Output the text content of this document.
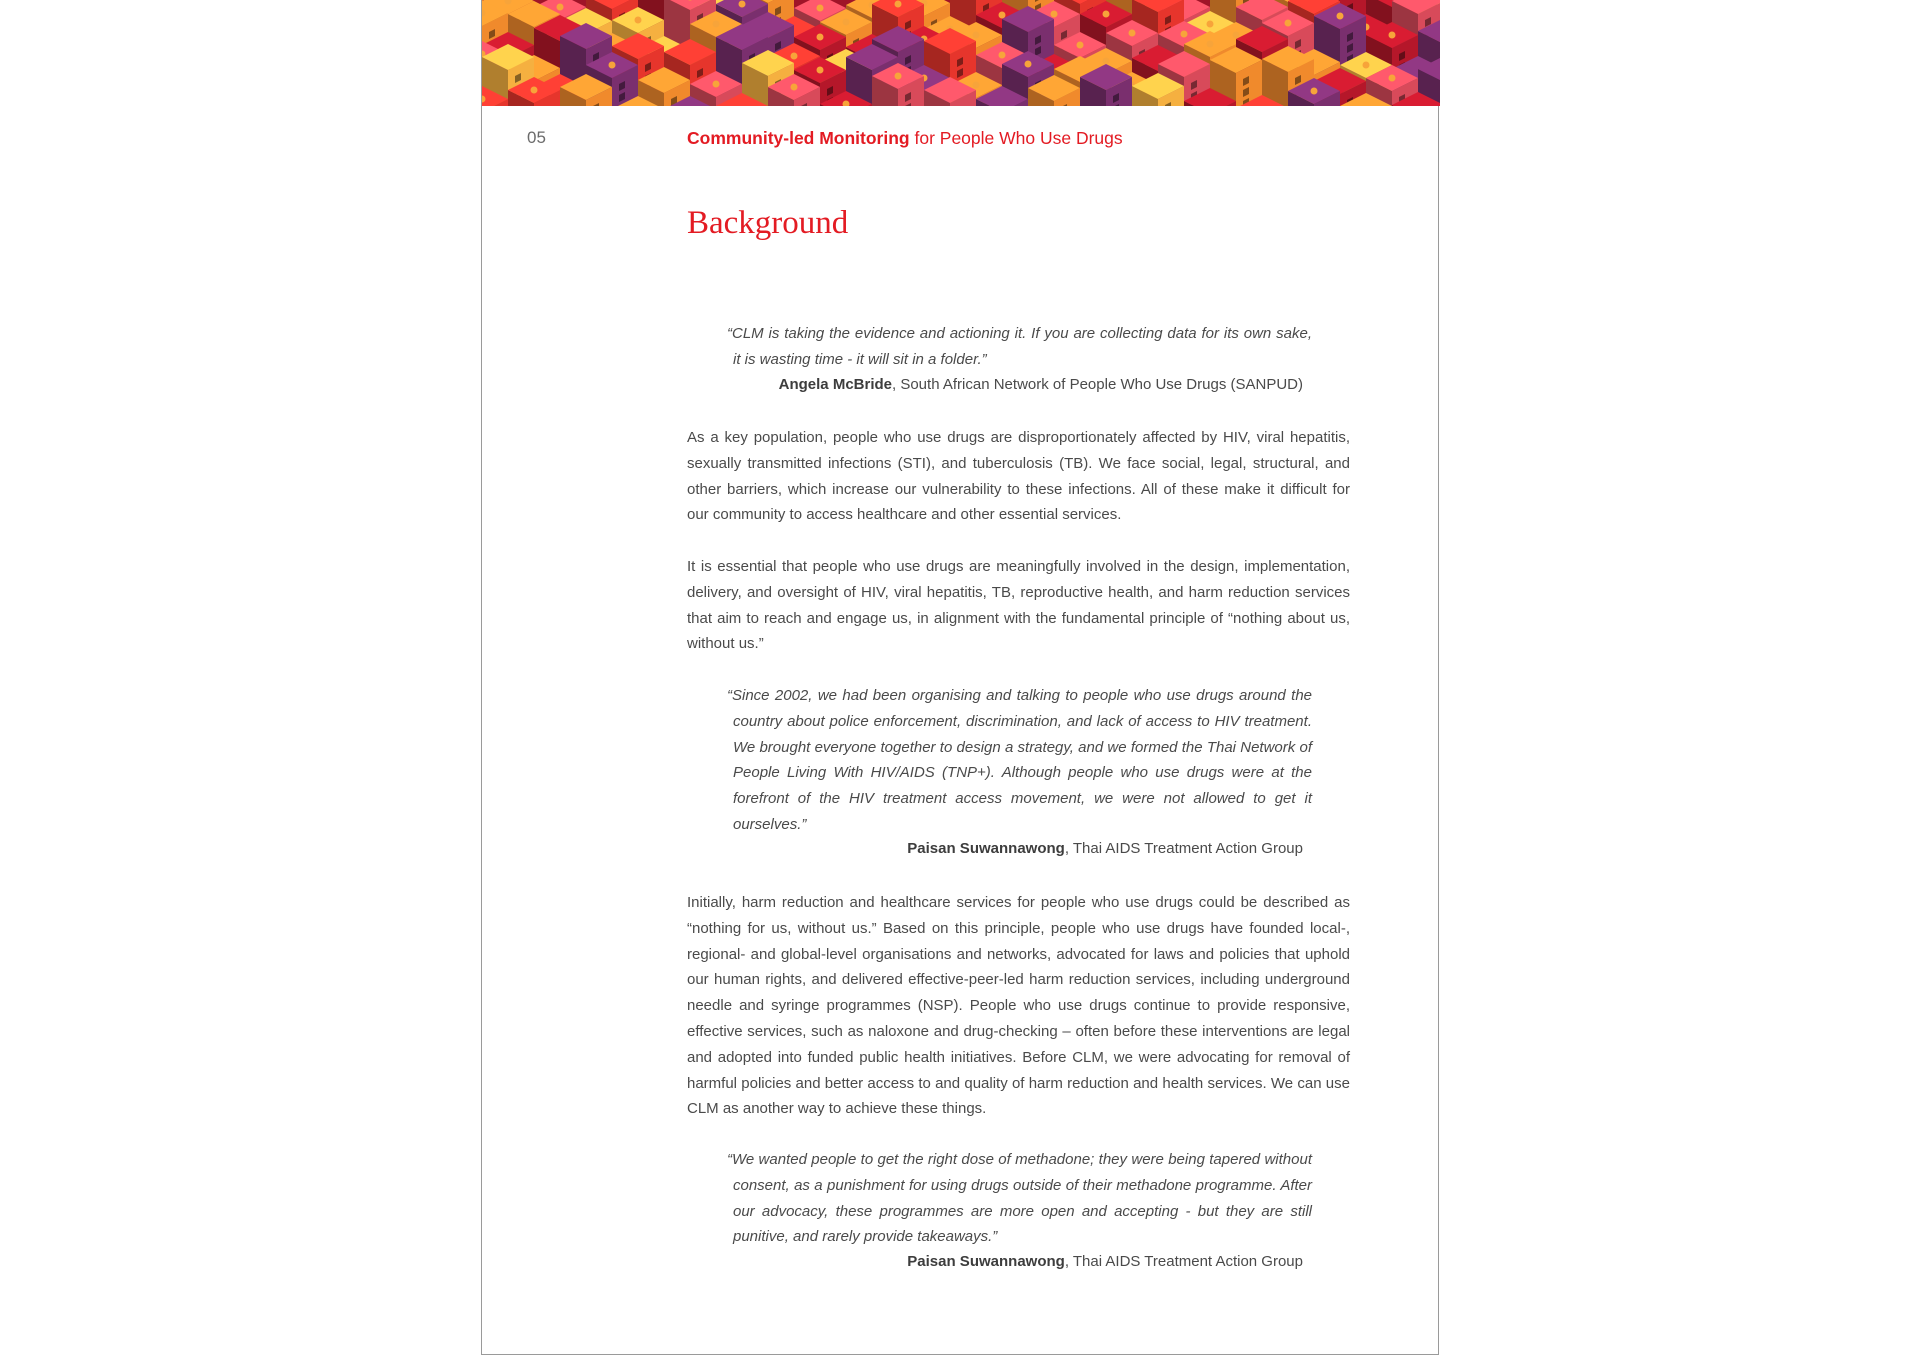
05	Community-led Monitoring for People Who Use Drugs
Background
“CLM is taking the evidence and actioning it. If you are collecting data for its own sake, it is wasting time - it will sit in a folder.”
Angela McBride, South African Network of People Who Use Drugs (SANPUD)
As a key population, people who use drugs are disproportionately affected by HIV, viral hepatitis, sexually transmitted infections (STI), and tuberculosis (TB). We face social, legal, structural, and other barriers, which increase our vulnerability to these infections. All of these make it difficult for our community to access healthcare and other essential services.
It is essential that people who use drugs are meaningfully involved in the design, implementation, delivery, and oversight of HIV, viral hepatitis, TB, reproductive health, and harm reduction services that aim to reach and engage us, in alignment with the fundamental principle of “nothing about us, without us.”
“Since 2002, we had been organising and talking to people who use drugs around the country about police enforcement, discrimination, and lack of access to HIV treatment. We brought everyone together to design a strategy, and we formed the Thai Network of People Living With HIV/AIDS (TNP+). Although people who use drugs were at the forefront of the HIV treatment access movement, we were not allowed to get it ourselves.”
Paisan Suwannawong, Thai AIDS Treatment Action Group
Initially, harm reduction and healthcare services for people who use drugs could be described as “nothing for us, without us.” Based on this principle, people who use drugs have founded local-, regional- and global-level organisations and networks, advocated for laws and policies that uphold our human rights, and delivered effective-peer-led harm reduction services, including underground needle and syringe programmes (NSP). People who use drugs continue to provide responsive, effective services, such as naloxone and drug-checking – often before these interventions are legal and adopted into funded public health initiatives. Before CLM, we were advocating for removal of harmful policies and better access to and quality of harm reduction and health services. We can use CLM as another way to achieve these things.
“We wanted people to get the right dose of methadone; they were being tapered without consent, as a punishment for using drugs outside of their methadone programme. After our advocacy, these programmes are more open and accepting - but they are still punitive, and rarely provide takeaways.”
Paisan Suwannawong, Thai AIDS Treatment Action Group
